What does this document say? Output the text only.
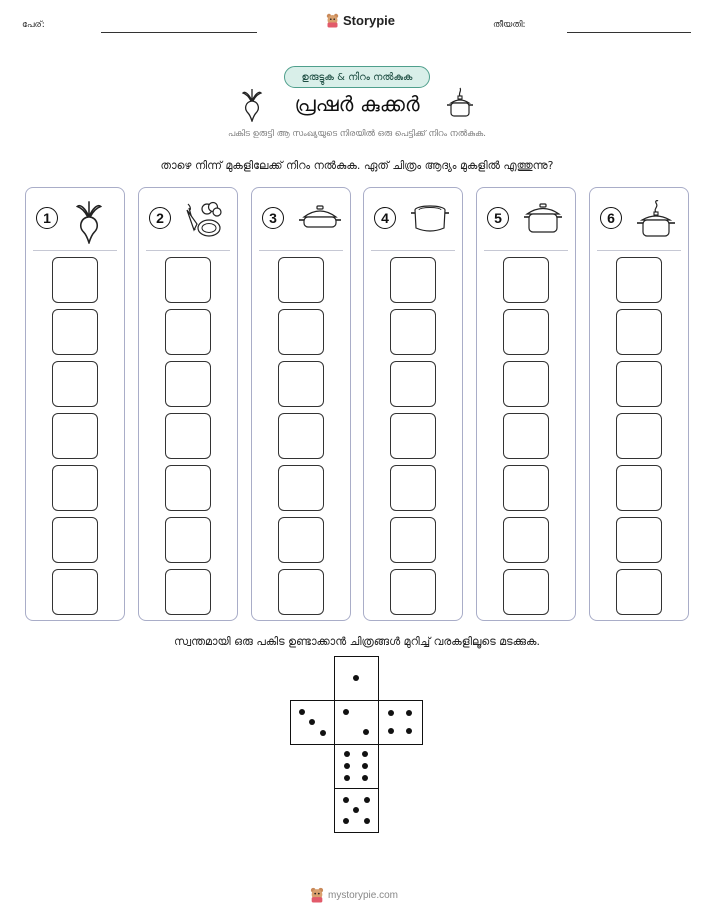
പേര്:	Storypie	തീയതി:
ഉരുട്ടുക & നിറം നൽകുക
പ്രഷർ കുക്കർ
പകിട ഉരുട്ടി ആ സംഖ്യയുടെ നിരയിൽ ഒരു പെട്ടിക്ക് നിറം നൽകുക.
താഴെ നിന്ന് മുകളിലേക്ക് നിറം നൽകുക. ഏത് ചിത്രം ആദ്യം മുകളിൽ എത്തുന്നു?
1	2	3	4	5	6
സ്വന്തമായി ഒരു പകിട ഉണ്ടാക്കാൻ ചിത്രങ്ങൾ മുറിച്ച് വരകളിലൂടെ മടക്കുക.
mystorypie.com
